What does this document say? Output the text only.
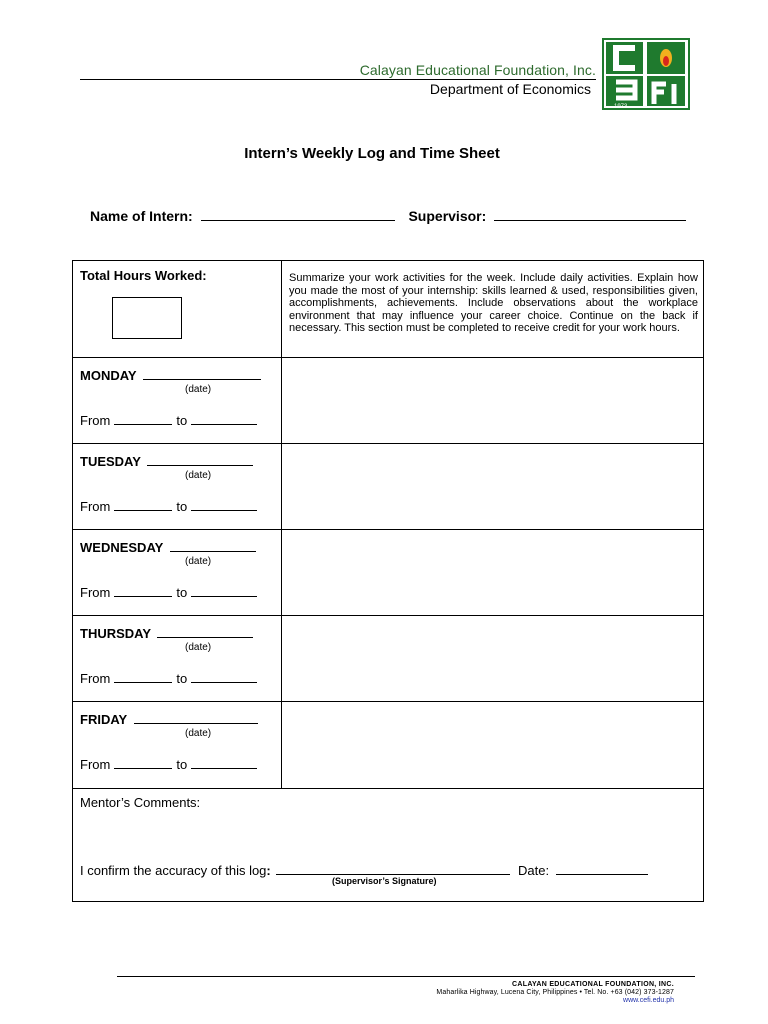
Calayan Educational Foundation, Inc.
Department of Economics
1973
Intern’s Weekly Log and Time Sheet
Name of Intern:	Supervisor:
Total Hours Worked:	Summarize your work activities for the week. Include daily activities. Explain how you made the most of your internship: skills learned & used, responsibilities given, accomplishments, achievements. Include observations about the workplace environment that may influence your career choice. Continue on the back if necessary. This section must be completed to receive credit for your work hours.
MONDAY
(date)
From	to
TUESDAY
(date)
From	to
WEDNESDAY
(date)
From	to
THURSDAY
(date)
From	to
FRIDAY
(date)
From	to
Mentor’s Comments:
I confirm the accuracy of this log:	Date:
(Supervisor’s Signature)
CALAYAN EDUCATIONAL FOUNDATION, INC.
Maharlika Highway, Lucena City, Philippines • Tel. No. +63 (042) 373-1287
www.cefi.edu.ph
